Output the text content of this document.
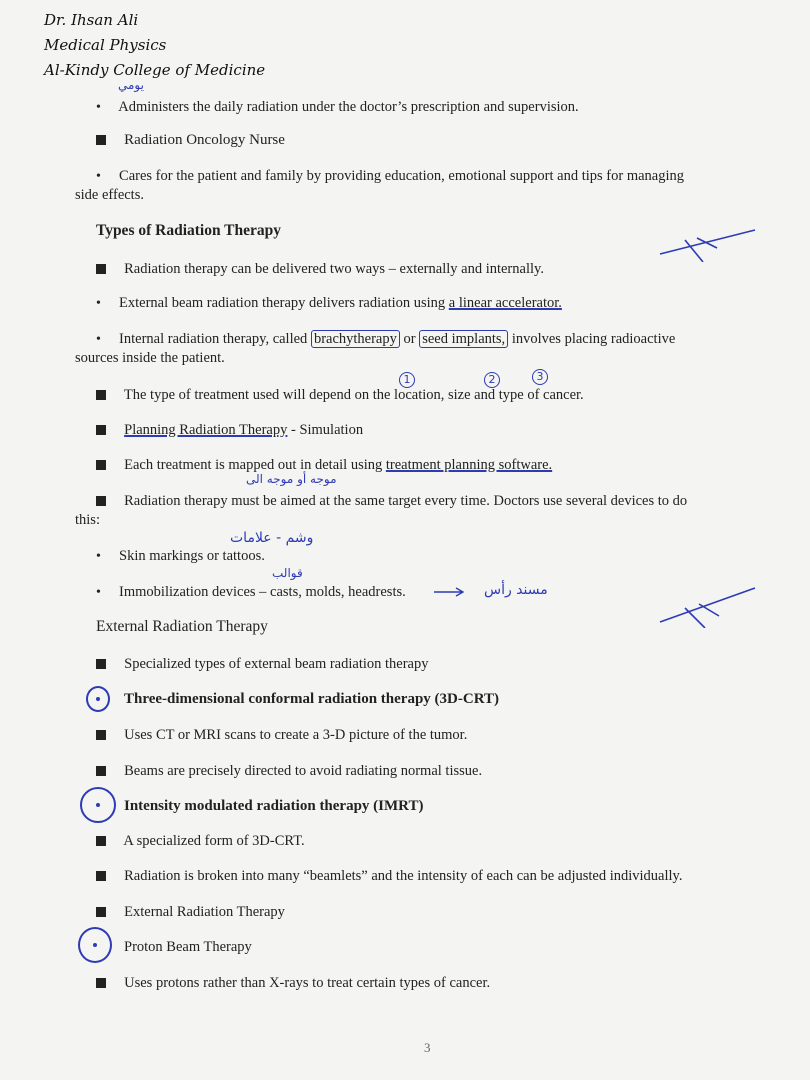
Dr. Ihsan Ali
Medical Physics
Al-Kindy College of Medicine
يومي
• Administers the daily radiation under the doctor’s prescription and supervision.
Radiation Oncology Nurse
• Cares for the patient and family by providing education, emotional support and tips for managing
side effects.
Types of Radiation Therapy
Radiation therapy can be delivered two ways – externally and internally.
• External beam radiation therapy delivers radiation using a linear accelerator.
• Internal radiation therapy, called brachytherapy or seed implants, involves placing radioactive
sources inside the patient.
1	2	3
The type of treatment used will depend on the location, size and type of cancer.
Planning Radiation Therapy - Simulation
Each treatment is mapped out in detail using treatment planning software.
موجه أو موجه الى
Radiation therapy must be aimed at the same target every time. Doctors use several devices to do
this:
وشم - علامات
• Skin markings or tattoos.
قوالب
• Immobilization devices – casts, molds, headrests.	مسند رأس
External Radiation Therapy
Specialized types of external beam radiation therapy
Three-dimensional conformal radiation therapy (3D-CRT)
Uses CT or MRI scans to create a 3-D picture of the tumor.
Beams are precisely directed to avoid radiating normal tissue.
Intensity modulated radiation therapy (IMRT)
A specialized form of 3D-CRT.
Radiation is broken into many “beamlets” and the intensity of each can be adjusted individually.
External Radiation Therapy
Proton Beam Therapy
Uses protons rather than X-rays to treat certain types of cancer.
3
